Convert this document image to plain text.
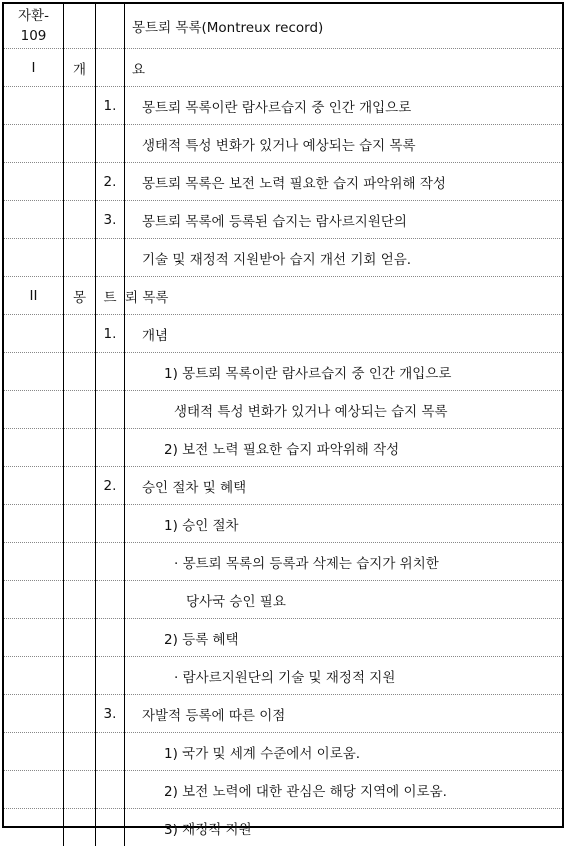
자환-
109			몽트뢰 목록(Montreux record)
I	개		요
		1.	몽트뢰 목록이란 람사르습지 중 인간 개입으로
			생태적 특성 변화가 있거나 예상되는 습지 목록
		2.	몽트뢰 목록은 보전 노력 필요한 습지 파악위해 작성
		3.	몽트뢰 목록에 등록된 습지는 람사르지원단의
			기술 및 재정적 지원받아 습지 개선 기회 얻음.
II	몽	트	뢰 목록
		1.	개념
			1) 몽트뢰 목록이란 람사르습지 중 인간 개입으로
			생태적 특성 변화가 있거나 예상되는 습지 목록
			2) 보전 노력 필요한 습지 파악위해 작성
		2.	승인 절차 및 혜택
			1) 승인 절차
			· 몽트뢰 목록의 등록과 삭제는 습지가 위치한
			당사국 승인 필요
			2) 등록 혜택
			· 람사르지원단의 기술 및 재정적 지원
		3.	자발적 등록에 따른 이점
			1) 국가 및 세계 수준에서 이로움.
			2) 보전 노력에 대한 관심은 해당 지역에 이로움.
			3) 재정적 지원
